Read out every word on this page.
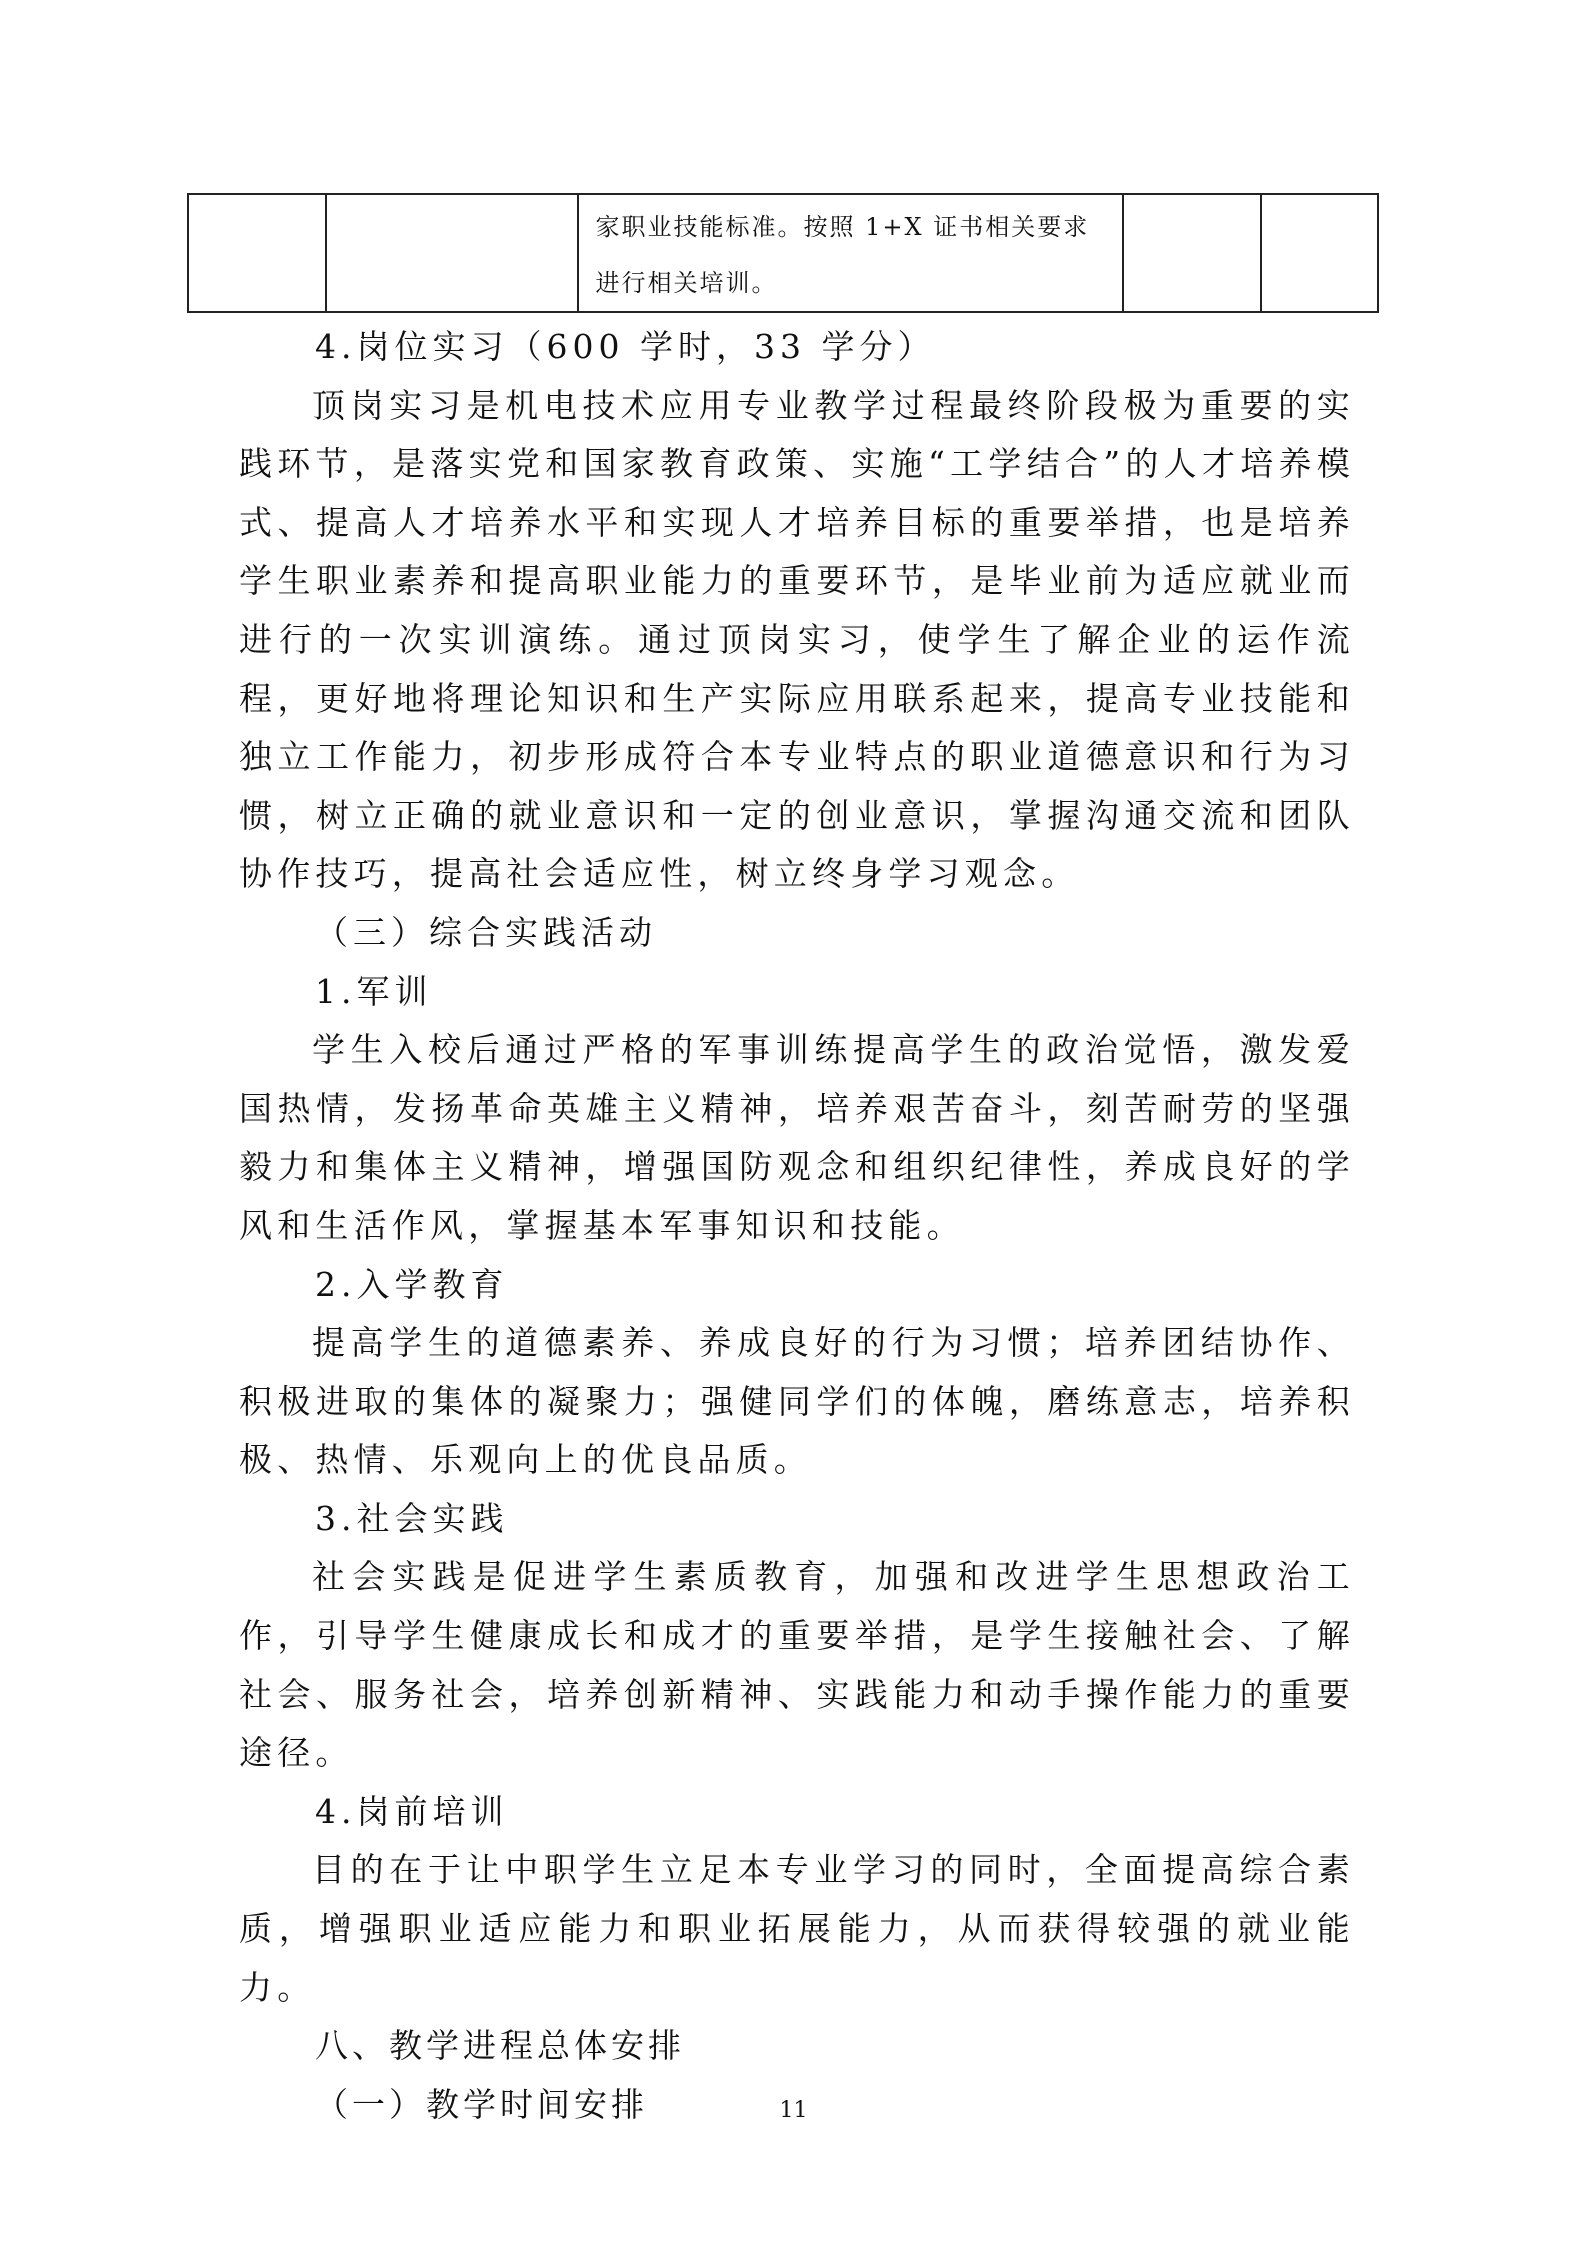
家职业技能标准。按照 1+X 证书相关要求
进行相关培训。

4.岗位实习（600 学时，33 学分）

顶岗实习是机电技术应用专业教学过程最终阶段极为重要的实践环节，是落实党和国家教育政策、实施“工学结合”的人才培养模式、提高人才培养水平和实现人才培养目标的重要举措，也是培养学生职业素养和提高职业能力的重要环节，是毕业前为适应就业而进行的一次实训演练。通过顶岗实习，使学生了解企业的运作流程，更好地将理论知识和生产实际应用联系起来，提高专业技能和独立工作能力，初步形成符合本专业特点的职业道德意识和行为习惯，树立正确的就业意识和一定的创业意识，掌握沟通交流和团队协作技巧，提高社会适应性，树立终身学习观念。

（三）综合实践活动

1.军训

学生入校后通过严格的军事训练提高学生的政治觉悟，激发爱国热情，发扬革命英雄主义精神，培养艰苦奋斗，刻苦耐劳的坚强毅力和集体主义精神，增强国防观念和组织纪律性，养成良好的学风和生活作风，掌握基本军事知识和技能。

2.入学教育

提高学生的道德素养、养成良好的行为习惯；培养团结协作、积极进取的集体的凝聚力；强健同学们的体魄，磨练意志，培养积极、热情、乐观向上的优良品质。

3.社会实践

社会实践是促进学生素质教育，加强和改进学生思想政治工作，引导学生健康成长和成才的重要举措，是学生接触社会、了解社会、服务社会，培养创新精神、实践能力和动手操作能力的重要途径。

4.岗前培训

目的在于让中职学生立足本专业学习的同时，全面提高综合素质，增强职业适应能力和职业拓展能力，从而获得较强的就业能力。

八、教学进程总体安排

（一）教学时间安排	11
